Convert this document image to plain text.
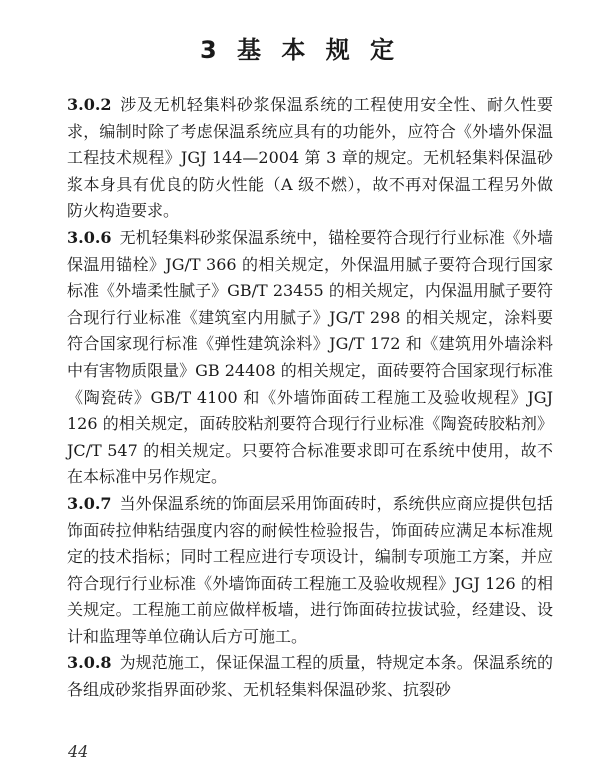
3 基 本 规 定

3.0.2 涉及无机轻集料砂浆保温系统的工程使用安全性、耐久性要求，编制时除了考虑保温系统应具有的功能外，应符合《外墙外保温工程技术规程》JGJ 144—2004 第 3 章的规定。无机轻集料保温砂浆本身具有优良的防火性能（A 级不燃），故不再对保温工程另外做防火构造要求。

3.0.6 无机轻集料砂浆保温系统中，锚栓要符合现行行业标准《外墙保温用锚栓》JG/T 366 的相关规定，外保温用腻子要符合现行国家标准《外墙柔性腻子》GB/T 23455 的相关规定，内保温用腻子要符合现行行业标准《建筑室内用腻子》JG/T 298 的相关规定，涂料要符合国家现行标准《弹性建筑涂料》JG/T 172 和《建筑用外墙涂料中有害物质限量》GB 24408 的相关规定，面砖要符合国家现行标准《陶瓷砖》GB/T 4100 和《外墙饰面砖工程施工及验收规程》JGJ 126 的相关规定，面砖胶粘剂要符合现行行业标准《陶瓷砖胶粘剂》JC/T 547 的相关规定。只要符合标准要求即可在系统中使用，故不在本标准中另作规定。

3.0.7 当外保温系统的饰面层采用饰面砖时，系统供应商应提供包括饰面砖拉伸粘结强度内容的耐候性检验报告，饰面砖应满足本标准规定的技术指标；同时工程应进行专项设计，编制专项施工方案，并应符合现行行业标准《外墙饰面砖工程施工及验收规程》JGJ 126 的相关规定。工程施工前应做样板墙，进行饰面砖拉拔试验，经建设、设计和监理等单位确认后方可施工。

3.0.8 为规范施工，保证保温工程的质量，特规定本条。保温系统的各组成砂浆指界面砂浆、无机轻集料保温砂浆、抗裂砂

44
